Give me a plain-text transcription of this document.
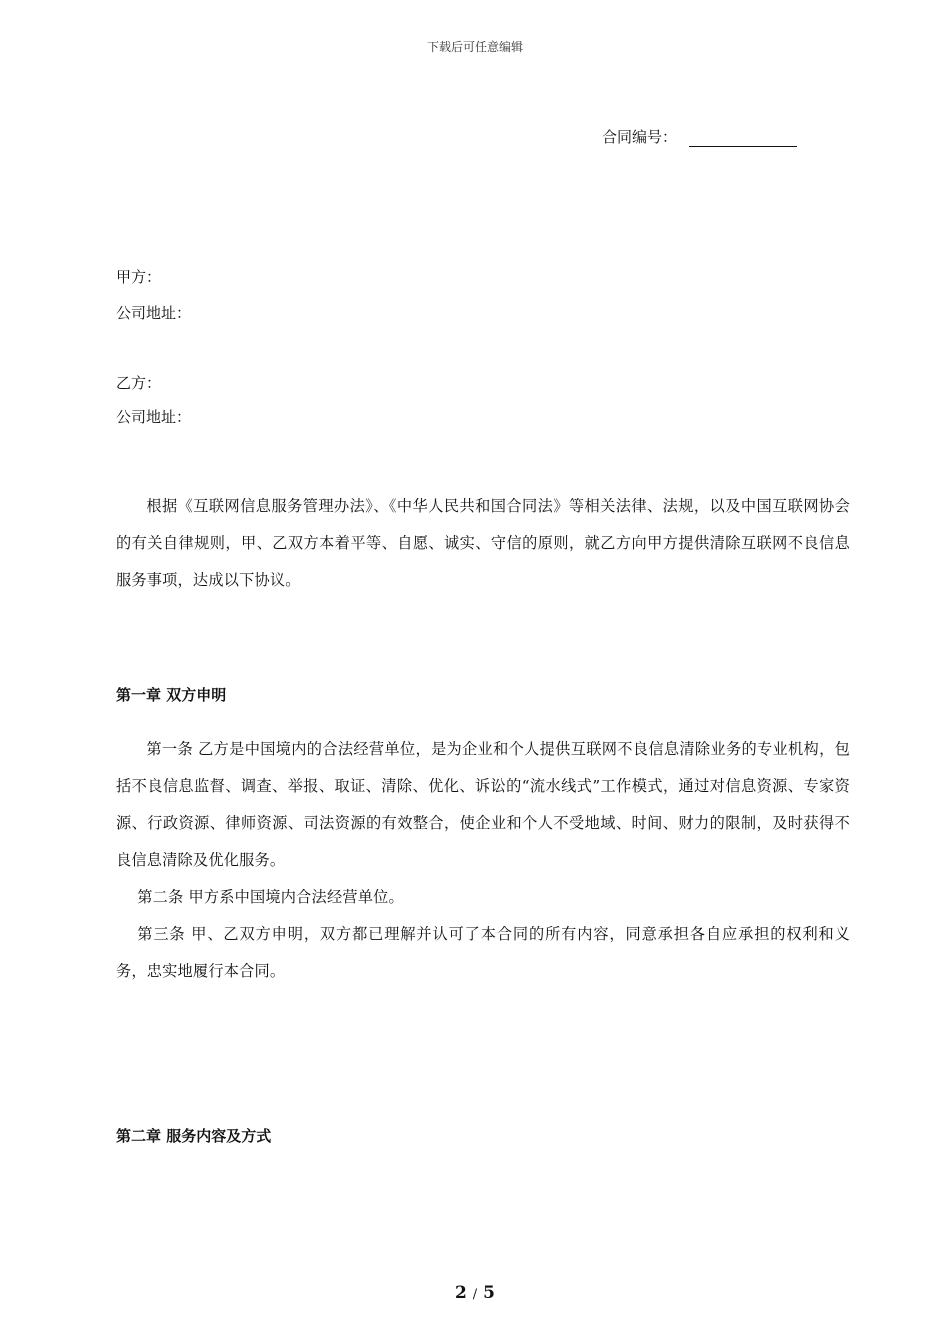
下载后可任意编辑
合同编号：
甲方：
公司地址：
乙方：
公司地址：
根据《互联网信息服务管理办法》、《中华人民共和国合同法》等相关法律、法规，以及中国互联网协会的有关自律规则，甲、乙双方本着平等、自愿、诚实、守信的原则，就乙方向甲方提供清除互联网不良信息服务事项，达成以下协议。
第一章 双方申明
第一条 乙方是中国境内的合法经营单位，是为企业和个人提供互联网不良信息清除业务的专业机构，包括不良信息监督、调查、举报、取证、清除、优化、诉讼的“流水线式”工作模式，通过对信息资源、专家资源、行政资源、律师资源、司法资源的有效整合，使企业和个人不受地域、时间、财力的限制，及时获得不良信息清除及优化服务。
第二条 甲方系中国境内合法经营单位。
第三条 甲、乙双方申明，双方都已理解并认可了本合同的所有内容，同意承担各自应承担的权利和义务，忠实地履行本合同。
第二章 服务内容及方式
2 / 5
